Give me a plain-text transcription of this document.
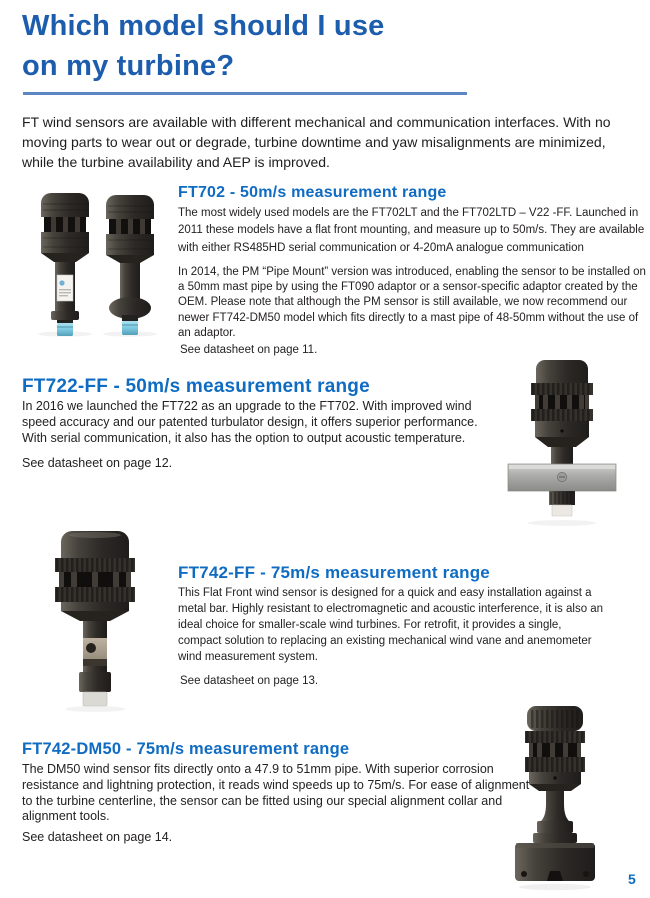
Which model should I use
on my turbine?

FT wind sensors are available with different mechanical and communication interfaces. With no moving parts to wear out or degrade, turbine downtime and yaw misalignments are minimized, while the turbine availability and AEP is improved.

FT702 - 50m/s measurement range

The most widely used models are the FT702LT and the FT702LTD – V22 -FF. Launched in 2011 these models have a flat front mounting, and measure up to 50m/s. They are available with either RS485HD serial communication or 4-20mA analogue communication

In 2014, the PM “Pipe Mount” version was introduced, enabling the sensor to be installed on a 50mm mast pipe by using the FT090 adaptor or a sensor-specific adaptor created by the OEM. Please note that although the PM sensor is still available, we now recommend our newer FT742-DM50 model which fits directly to a mast pipe of 48-50mm without the use of an adaptor.

See datasheet on page 11.

FT722-FF - 50m/s measurement range

In 2016 we launched the FT722 as an upgrade to the FT702. With improved wind speed accuracy and our patented turbulator design, it offers superior performance. With serial communication, it also has the option to output acoustic temperature.

See datasheet on page 12.

FT742-FF - 75m/s measurement range

This Flat Front wind sensor is designed for a quick and easy installation against a metal bar. Highly resistant to electromagnetic and acoustic interference, it is also an ideal choice for smaller-scale wind turbines. For retrofit, it provides a single, compact solution to replacing an existing mechanical wind vane and anemometer wind measurement system.

See datasheet on page 13.

FT742-DM50 - 75m/s measurement range

The DM50 wind sensor fits directly onto a 47.9 to 51mm pipe. With superior corrosion resistance and lightning protection, it reads wind speeds up to 75m/s. For ease of alignment to the turbine centerline, the sensor can be fitted using our special alignment collar and alignment tools.

See datasheet on page 14.

5
